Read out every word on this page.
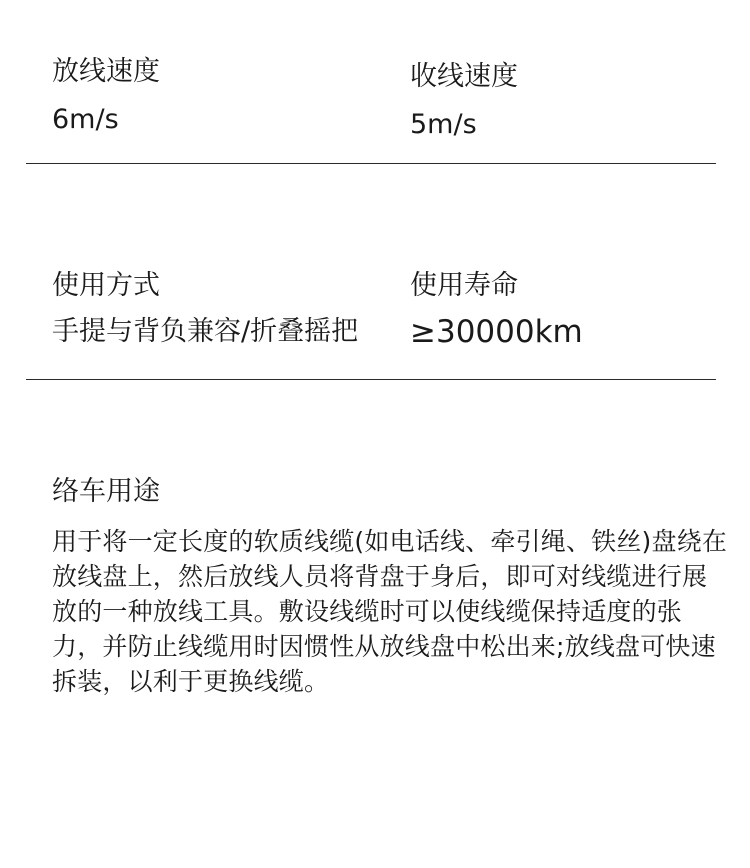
放线速度
6m/s
收线速度
5m/s
使用方式
手提与背负兼容/折叠摇把
使用寿命
≥30000km
络车用途
用于将一定长度的软质线缆(如电话线、牵引绳、铁丝)盘绕在放线盘上，然后放线人员将背盘于身后，即可对线缆进行展放的一种放线工具。敷设线缆时可以使线缆保持适度的张力，并防止线缆用时因惯性从放线盘中松出来;放线盘可快速拆装，以利于更换线缆。
